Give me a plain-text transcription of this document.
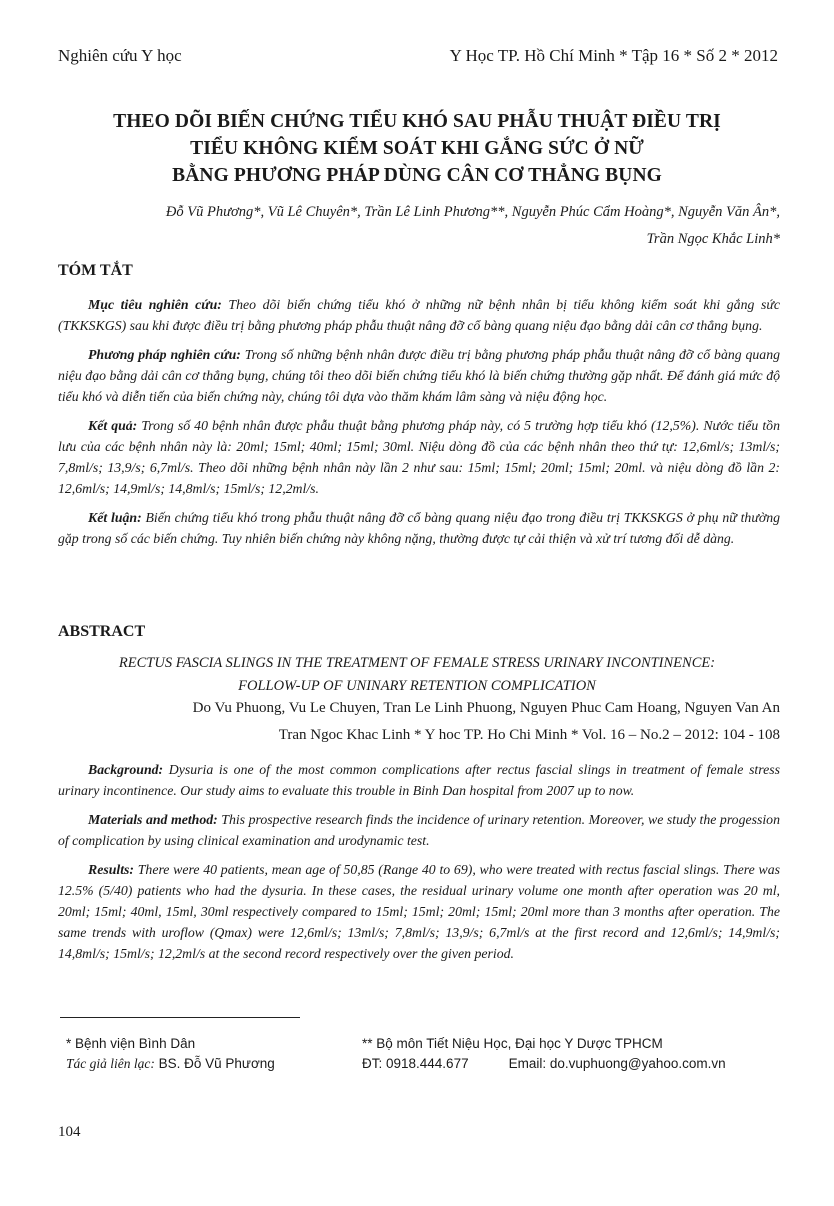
Nghiên cứu Y học	Y Học TP. Hồ Chí Minh * Tập 16 * Số 2 * 2012
THEO DÕI BIẾN CHỨNG TIỂU KHÓ SAU PHẪU THUẬT ĐIỀU TRỊ
TIỂU KHÔNG KIỂM SOÁT KHI GẮNG SỨC Ở NỮ
BẰNG PHƯƠNG PHÁP DÙNG CÂN CƠ THẲNG BỤNG
Đỗ Vũ Phương*, Vũ Lê Chuyên*, Trần Lê Linh Phương**, Nguyễn Phúc Cẩm Hoàng*, Nguyễn Văn Ân*,
Trần Ngọc Khắc Linh*
TÓM TẮT

Mục tiêu nghiên cứu: Theo dõi biến chứng tiểu khó ở những nữ bệnh nhân bị tiểu không kiểm soát khi gắng sức (TKKSKGS) sau khi được điều trị bằng phương pháp phẫu thuật nâng đỡ cổ bàng quang niệu đạo bằng dải cân cơ thẳng bụng.

Phương pháp nghiên cứu: Trong số những bệnh nhân được điều trị bằng phương pháp phẫu thuật nâng đỡ cổ bàng quang niệu đạo bằng dải cân cơ thẳng bụng, chúng tôi theo dõi biến chứng tiểu khó là biến chứng thường gặp nhất. Để đánh giá mức độ tiểu khó và diễn tiến của biến chứng này, chúng tôi dựa vào thăm khám lâm sàng và niệu động học.

Kết quả: Trong số 40 bệnh nhân được phẫu thuật bằng phương pháp này, có 5 trường hợp tiểu khó (12,5%). Nước tiểu tồn lưu của các bệnh nhân này là: 20ml; 15ml; 40ml; 15ml; 30ml. Niệu dòng đồ của các bệnh nhân theo thứ tự: 12,6ml/s; 13ml/s; 7,8ml/s; 13,9/s; 6,7ml/s. Theo dõi những bệnh nhân này lần 2 như sau: 15ml; 15ml; 20ml; 15ml; 20ml. và niệu dòng đồ lần 2: 12,6ml/s; 14,9ml/s; 14,8ml/s; 15ml/s; 12,2ml/s.

Kết luận: Biến chứng tiểu khó trong phẫu thuật nâng đỡ cổ bàng quang niệu đạo trong điều trị TKKSKGS ở phụ nữ thường gặp trong số các biến chứng. Tuy nhiên biến chứng này không nặng, thường được tự cải thiện và xử trí tương đối dễ dàng.

ABSTRACT
RECTUS FASCIA SLINGS IN THE TREATMENT OF FEMALE STRESS URINARY INCONTINENCE:
FOLLOW-UP OF UNINARY RETENTION COMPLICATION
Do Vu Phuong, Vu Le Chuyen, Tran Le Linh Phuong, Nguyen Phuc Cam Hoang, Nguyen Van An
Tran Ngoc Khac Linh * Y hoc TP. Ho Chi Minh * Vol. 16 – No.2 – 2012: 104 - 108

Background: Dysuria is one of the most common complications after rectus fascial slings in treatment of female stress urinary incontinence. Our study aims to evaluate this trouble in Binh Dan hospital from 2007 up to now.

Materials and method: This prospective research finds the incidence of urinary retention. Moreover, we study the progession of complication by using clinical examination and urodynamic test.

Results: There were 40 patients, mean age of 50,85 (Range 40 to 69), who were treated with rectus fascial slings. There was 12.5% (5/40) patients who had the dysuria. In these cases, the residual urinary volume one month after operation was 20 ml, 20ml; 15ml; 40ml, 15ml, 30ml respectively compared to 15ml; 15ml; 20ml; 15ml; 20ml more than 3 months after operation. The same trends with uroflow (Qmax) were 12,6ml/s; 13ml/s; 7,8ml/s; 13,9/s; 6,7ml/s at the first record and 12,6ml/s; 14,9ml/s; 14,8ml/s; 15ml/s; 12,2ml/s at the second record respectively over the given period.

* Bệnh viện Bình Dân
Tác giả liên lạc: BS. Đỗ Vũ Phương
** Bộ môn Tiết Niệu Học, Đại học Y Dược TPHCM
ĐT: 0918.444.677	Email: do.vuphuong@yahoo.com.vn
104
